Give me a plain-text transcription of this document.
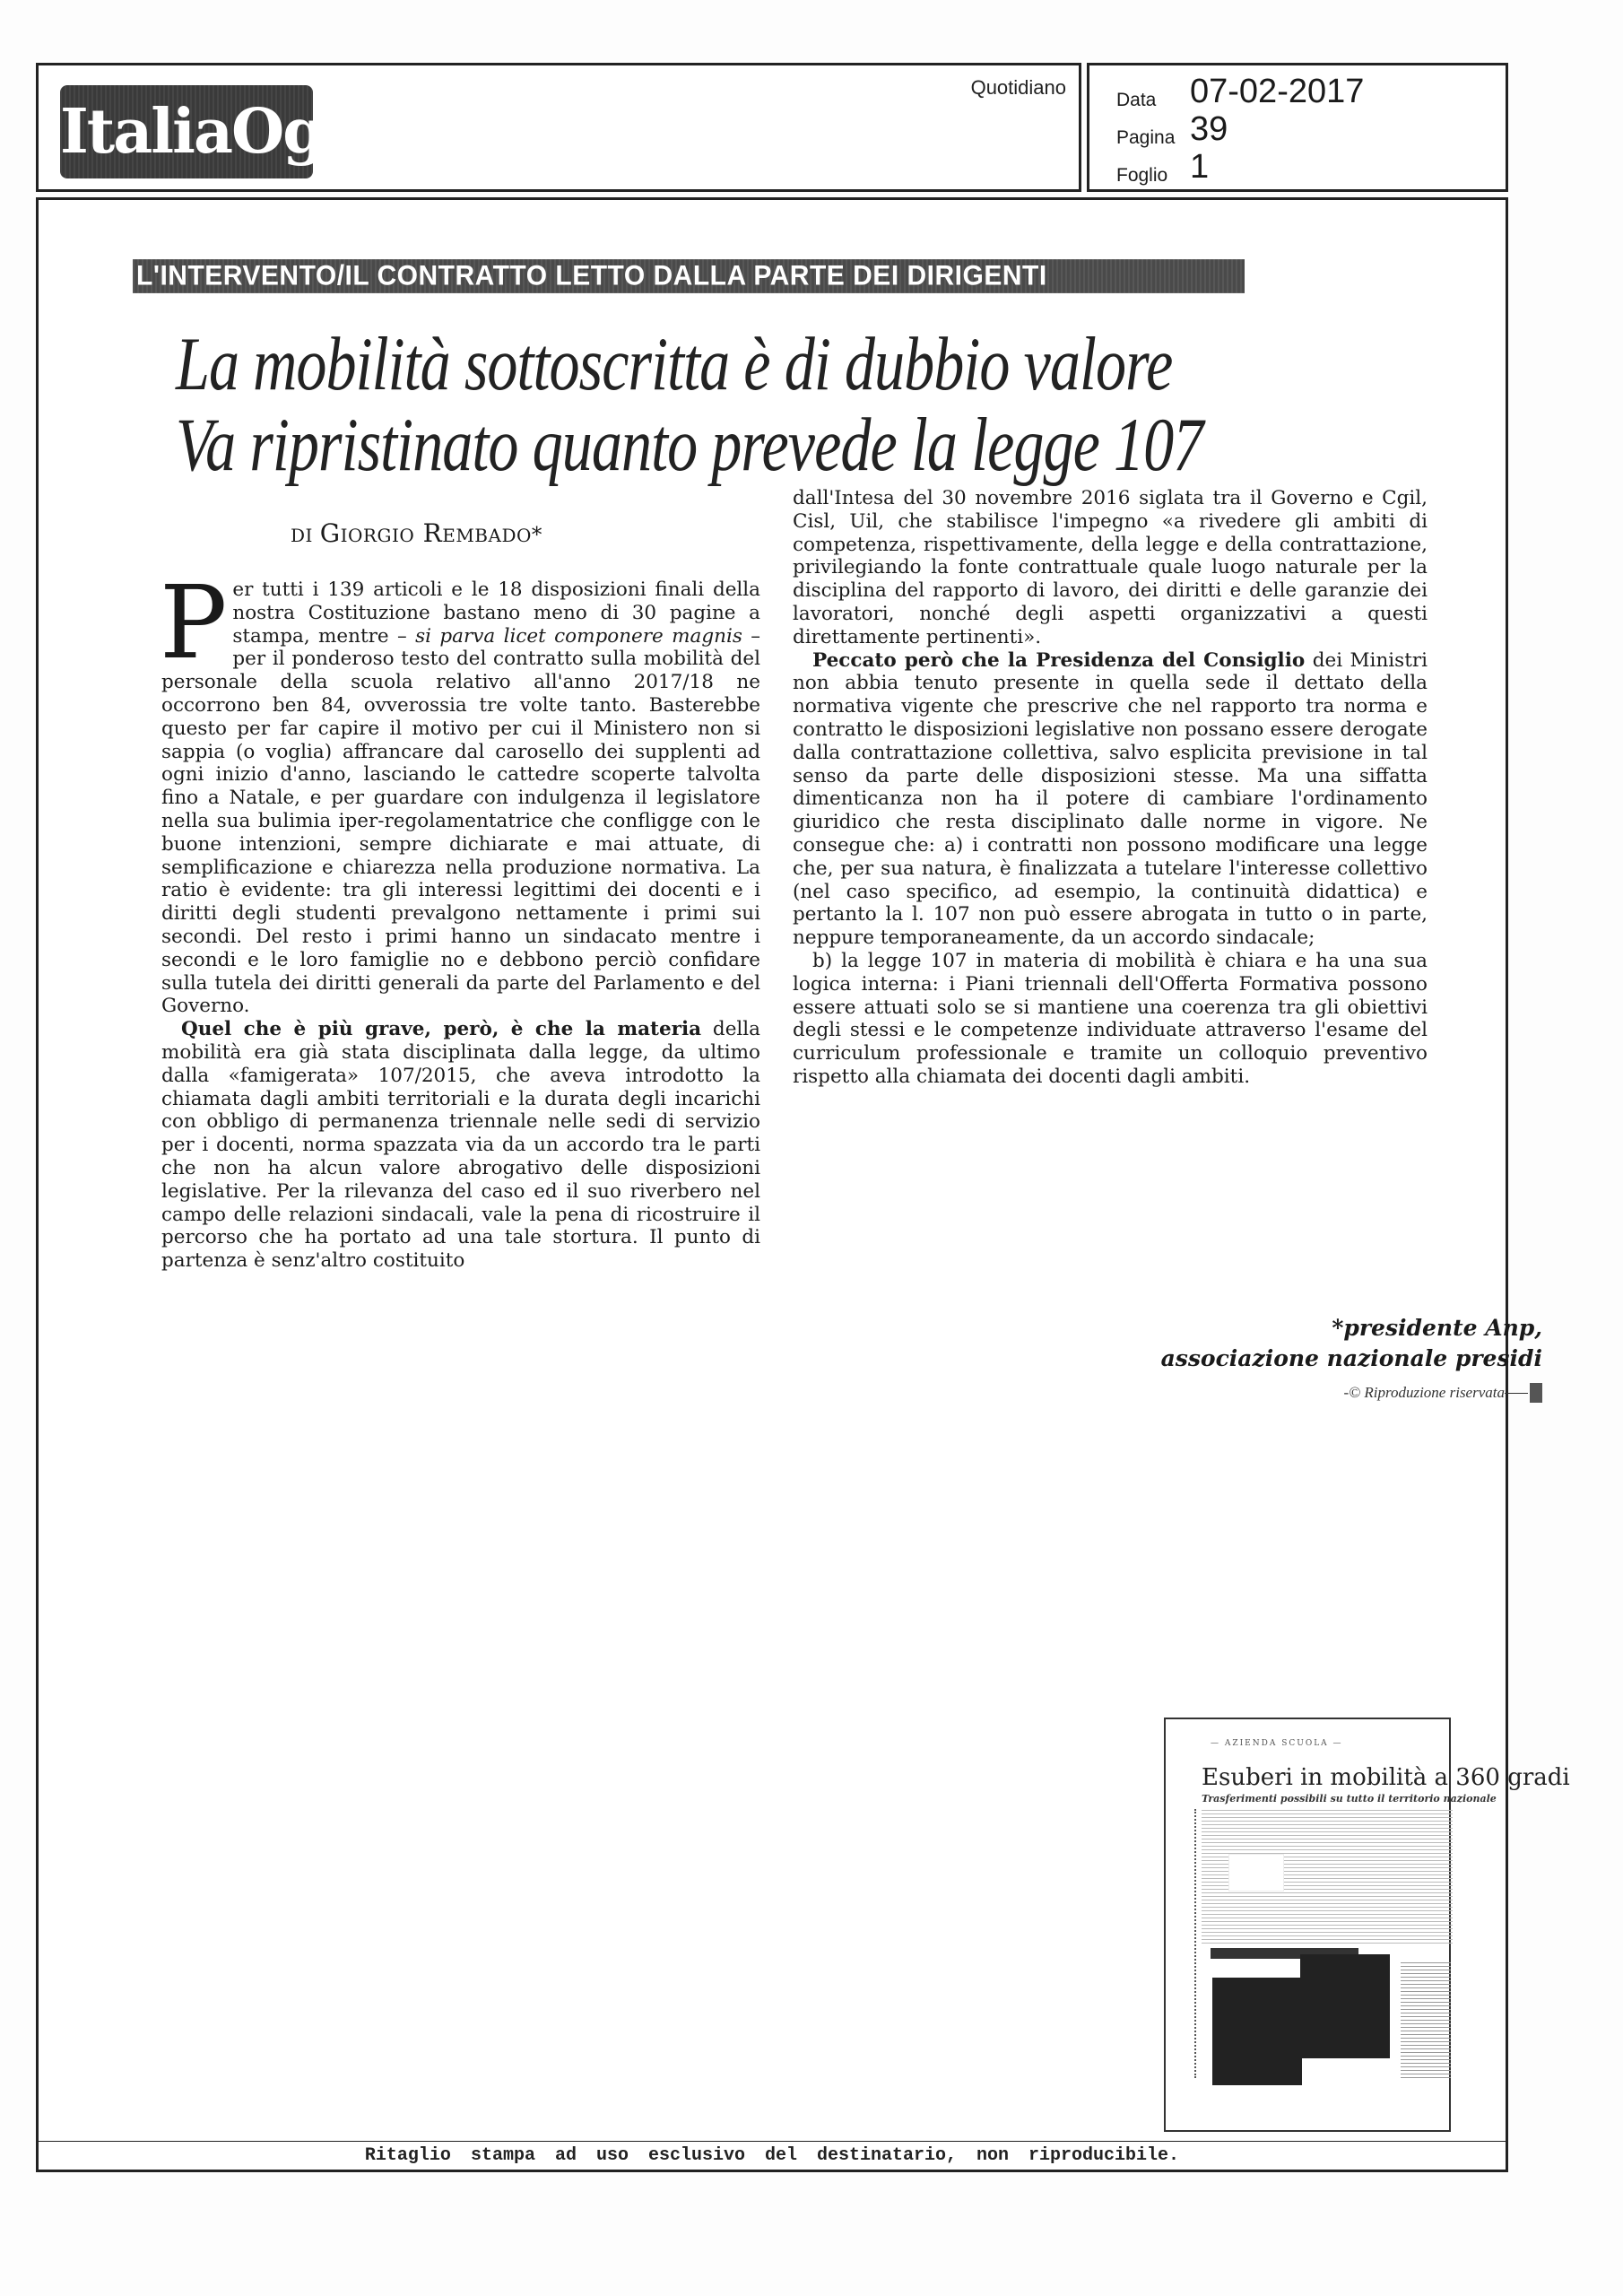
ItaliaOggi
Quotidiano
Data 07-02-2017
Pagina 39
Foglio 1
L'INTERVENTO/IL CONTRATTO LETTO DALLA PARTE DEI DIRIGENTI
La mobilità sottoscritta è di dubbio valore
Va ripristinato quanto prevede la legge 107
di Giorgio Rembado*

Per tutti i 139 articoli e le 18 disposizioni finali della nostra Costituzione bastano meno di 30 pagine a stampa, mentre – si parva licet componere magnis – per il ponderoso testo del contratto sulla mobilità del personale della scuola relativo all'anno 2017/18 ne occorrono ben 84, ovverossia tre volte tanto. Basterebbe questo per far capire il motivo per cui il Ministero non si sappia (o voglia) affrancare dal carosello dei supplenti ad ogni inizio d'anno, lasciando le cattedre scoperte talvolta fino a Natale, e per guardare con indulgenza il legislatore nella sua bulimia iper-regolamentatrice che confligge con le buone intenzioni, sempre dichiarate e mai attuate, di semplificazione e chiarezza nella produzione normativa. La ratio è evidente: tra gli interessi legittimi dei docenti e i diritti degli studenti prevalgono nettamente i primi sui secondi. Del resto i primi hanno un sindacato mentre i secondi e le loro famiglie no e debbono perciò confidare sulla tutela dei diritti generali da parte del Parlamento e del Governo.

Quel che è più grave, però, è che la materia della mobilità era già stata disciplinata dalla legge, da ultimo dalla «famigerata» 107/2015, che aveva introdotto la chiamata dagli ambiti territoriali e la durata degli incarichi con obbligo di permanenza triennale nelle sedi di servizio per i docenti, norma spazzata via da un accordo tra le parti che non ha alcun valore abrogativo delle disposizioni legislative. Per la rilevanza del caso ed il suo riverbero nel campo delle relazioni sindacali, vale la pena di ricostruire il percorso che ha portato ad una tale stortura. Il punto di partenza è senz'altro costituito

dall'Intesa del 30 novembre 2016 siglata tra il Governo e Cgil, Cisl, Uil, che stabilisce l'impegno «a rivedere gli ambiti di competenza, rispettivamente, della legge e della contrattazione, privilegiando la fonte contrattuale quale luogo naturale per la disciplina del rapporto di lavoro, dei diritti e delle garanzie dei lavoratori, nonché degli aspetti organizzativi a questi direttamente pertinenti».

Peccato però che la Presidenza del Consiglio dei Ministri non abbia tenuto presente in quella sede il dettato della normativa vigente che prescrive che nel rapporto tra norma e contratto le disposizioni legislative non possano essere derogate dalla contrattazione collettiva, salvo esplicita previsione in tal senso da parte delle disposizioni stesse. Ma una siffatta dimenticanza non ha il potere di cambiare l'ordinamento giuridico che resta disciplinato dalle norme in vigore. Ne consegue che: a) i contratti non possono modificare una legge che, per sua natura, è finalizzata a tutelare l'interesse collettivo (nel caso specifico, ad esempio, la continuità didattica) e pertanto la l. 107 non può essere abrogata in tutto o in parte, neppure temporaneamente, da un accordo sindacale;

b) la legge 107 in materia di mobilità è chiara e ha una sua logica interna: i Piani triennali dell'Offerta Formativa possono essere attuati solo se si mantiene una coerenza tra gli obiettivi degli stessi e le competenze individuate attraverso l'esame del curriculum professionale e tramite un colloquio preventivo rispetto alla chiamata dei docenti dagli ambiti.

*presidente Anp,
associazione nazionale presidi
-© Riproduzione riservata
— AZIENDA SCUOLA —
Esuberi in mobilità a 360 gradi
Trasferimenti possibili su tutto il territorio nazionale
Ritaglio stampa ad uso esclusivo del destinatario, non riproducibile.
